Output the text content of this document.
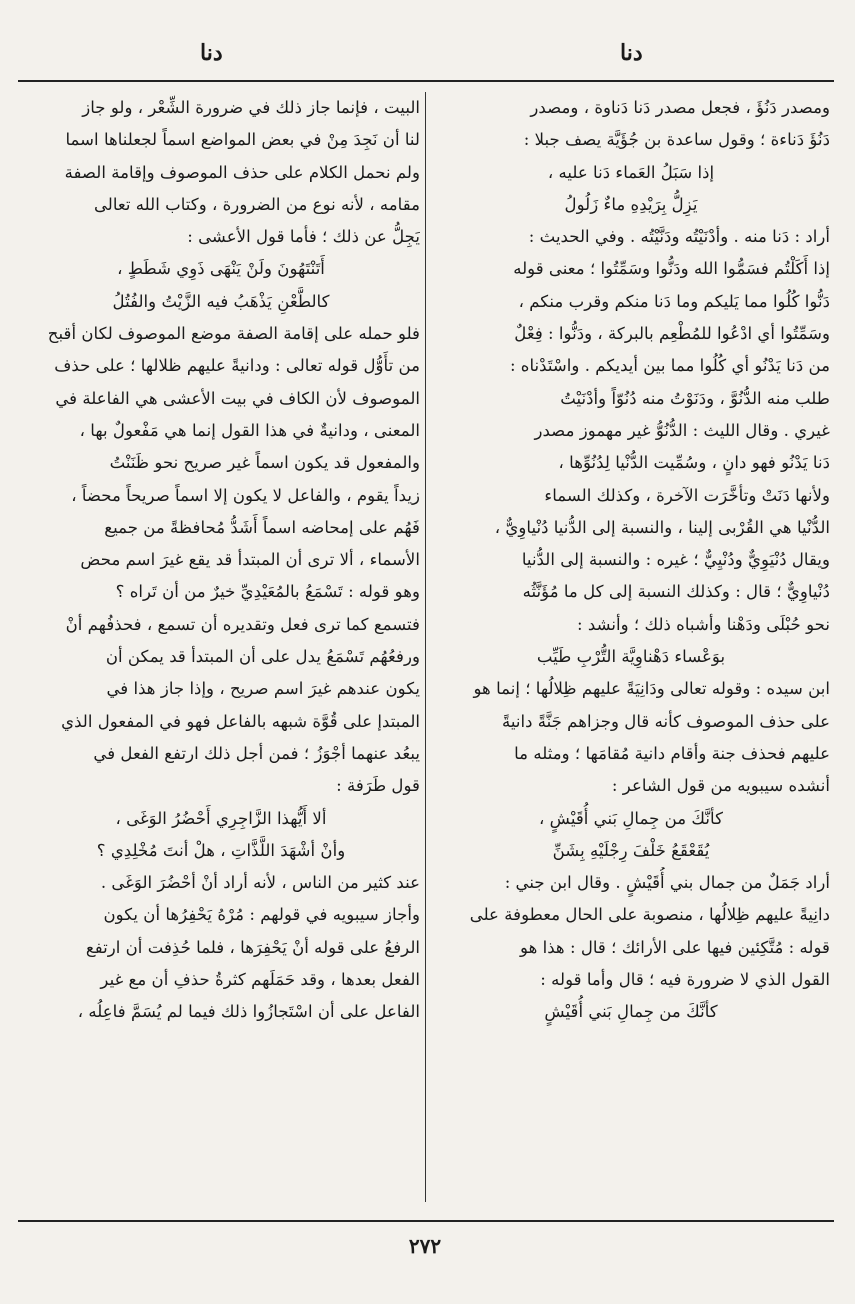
دنا
دنا
ومصدر دَنُؤَ ، فجعل مصدر دَنا دَناوة ، ومصدر
دَنُؤَ دَناءة ؛ وقول ساعدة بن جُؤَيَّة يصف جبلا :
إذا سَبَلُ العَماء دَنا عليه ،
يَزِلُّ بِرَيْدِهِ ماءٌ زَلُولُ
أراد : دَنا منه . وأدْنَيْتُه ودَنَّيْتُه . وفي الحديث :
إذا أَكَلْتُم فسَمُّوا الله ودَنُّوا وسَمِّتُوا ؛ معنى قوله
دَنُّوا كُلُوا مما يَليكم وما دَنا منكم وقرب منكم ،
وسَمِّتُوا أي ادْعُوا للمُطْعِم بالبركة ، ودَنُّوا : فِعْلٌ
من دَنا يَدْنُو أي كُلُوا مما بين أيديكم . واسْتَدْناه :
طلب منه الدُّنُوَّ ، ودَنَوْتُ منه دُنُوّاً وأدْنَيْتُ
غيري . وقال الليث : الدُّنُوُّ غير مهموز مصدر
دَنا يَدْنُو فهو دانٍ ، وسُمِّيت الدُّنْيا لِدُنُوِّها ،
ولأنها دَنَتْ وتأخَّرَت الآخرة ، وكذلك السماء
الدُّنْيا هي القُرْبى إلينا ، والنسبة إلى الدُّنيا دُنْياوِيٌّ ،
ويقال دُنْيَوِيٌّ ودُنْيِيٌّ ؛ غيره : والنسبة إلى الدُّنيا
دُنْياوِيٌّ ؛ قال : وكذلك النسبة إلى كل ما مُؤَنَّثُه
نحو حُبْلَى ودَهْنا وأشباه ذلك ؛ وأنشد :
بوَعْساء دَهْناوِيَّة التُّرْبِ طَيِّب
ابن سيده : وقوله تعالى ودَانِيَةً عليهم ظِلالُها ؛ إنما هو
على حذف الموصوف كأنه قال وجزاهم جَنَّةً دانيةً
عليهم فحذف جنة وأقام دانية مُقامَها ؛ ومثله ما
أنشده سيبويه من قول الشاعر :
كأنَّكَ من جِمالِ بَني أُقَيْشٍ ،
يُقَعْقَعُ خَلْفَ رِجْلَيْهِ بِشَنِّ
أراد جَمَلٌ من جمال بني أُقَيْشٍ . وقال ابن جني :
دانِيةً عليهم ظِلالُها ، منصوبة على الحال معطوفة على
قوله : مُتَّكِئين فيها على الأرائك ؛ قال : هذا هو
القول الذي لا ضرورة فيه ؛ قال وأما قوله :
كأنَّكَ من جِمالِ بَني أُقَيْشٍ
البيت ، فإنما جاز ذلك في ضرورة الشِّعْر ، ولو جاز
لنا أن نَجِدَ مِنْ في بعض المواضع اسماً لجعلناها اسما
ولم نحمل الكلام على حذف الموصوف وإقامة الصفة
مقامه ، لأنه نوع من الضرورة ، وكتاب الله تعالى
يَجِلُّ عن ذلك ؛ فأما قول الأعشى :
أَتَنْتَهُونَ ولَنْ يَنْهَى ذَوِي شَطَطٍ ،
كالطَّعْنِ يَذْهَبُ فيه الزَّيْتُ والفُتُلُ
فلو حمله على إقامة الصفة موضع الموصوف لكان أقبح
من تأَوُّل قوله تعالى : ودانيةً عليهم ظلالها ؛ على حذف
الموصوف لأن الكاف في بيت الأعشى هي الفاعلة في
المعنى ، ودانيةٌ في هذا القول إنما هي مَفْعولٌ بها ،
والمفعول قد يكون اسماً غير صريح نحو ظَنَنْتُ
زيداً يقوم ، والفاعل لا يكون إلا اسماً صريحاً محضاً ،
فَهُم على إمحاضه اسماً أَشَدُّ مُحافظةً من جميع
الأسماء ، ألا ترى أن المبتدأ قد يقع غيرَ اسم محض
وهو قوله : تَسْمَعُ بالمُعَيْدِيِّ خيرٌ من أن تَراه ؟
فتسمع كما ترى فعل وتقديره أن تسمع ، فحذفُهم أنْ
ورفعُهُم تَسْمَعُ يدل على أن المبتدأ قد يمكن أن
يكون عندهم غيرَ اسم صريح ، وإذا جاز هذا في
المبتدإ على قُوَّة شبهه بالفاعل فهو في المفعول الذي
يبعُد عنهما أجْوَزُ ؛ فمن أجل ذلك ارتفع الفعل في
قول طَرَفة :
ألا أَيُّهذا الزَّاجِرِي أَحْضُرُ الوَغَى ،
وأنْ أشْهَدَ اللَّذَّاتِ ، هلْ أنتَ مُخْلِدِي ؟
عند كثير من الناس ، لأنه أراد أنْ أحْضُرَ الوَغَى .
وأجاز سيبويه في قولهم : مُرْهُ يَحْفِرُها أن يكون
الرفعُ على قوله أنْ يَحْفِرَها ، فلما حُذِفت أن ارتفع
الفعل بعدها ، وقد حَمَلَهم كثرةُ حذفِ أن مع غير
الفاعل على أن اسْتَجازُوا ذلك فيما لم يُسَمَّ فاعِلُه ،
٢٧٢
